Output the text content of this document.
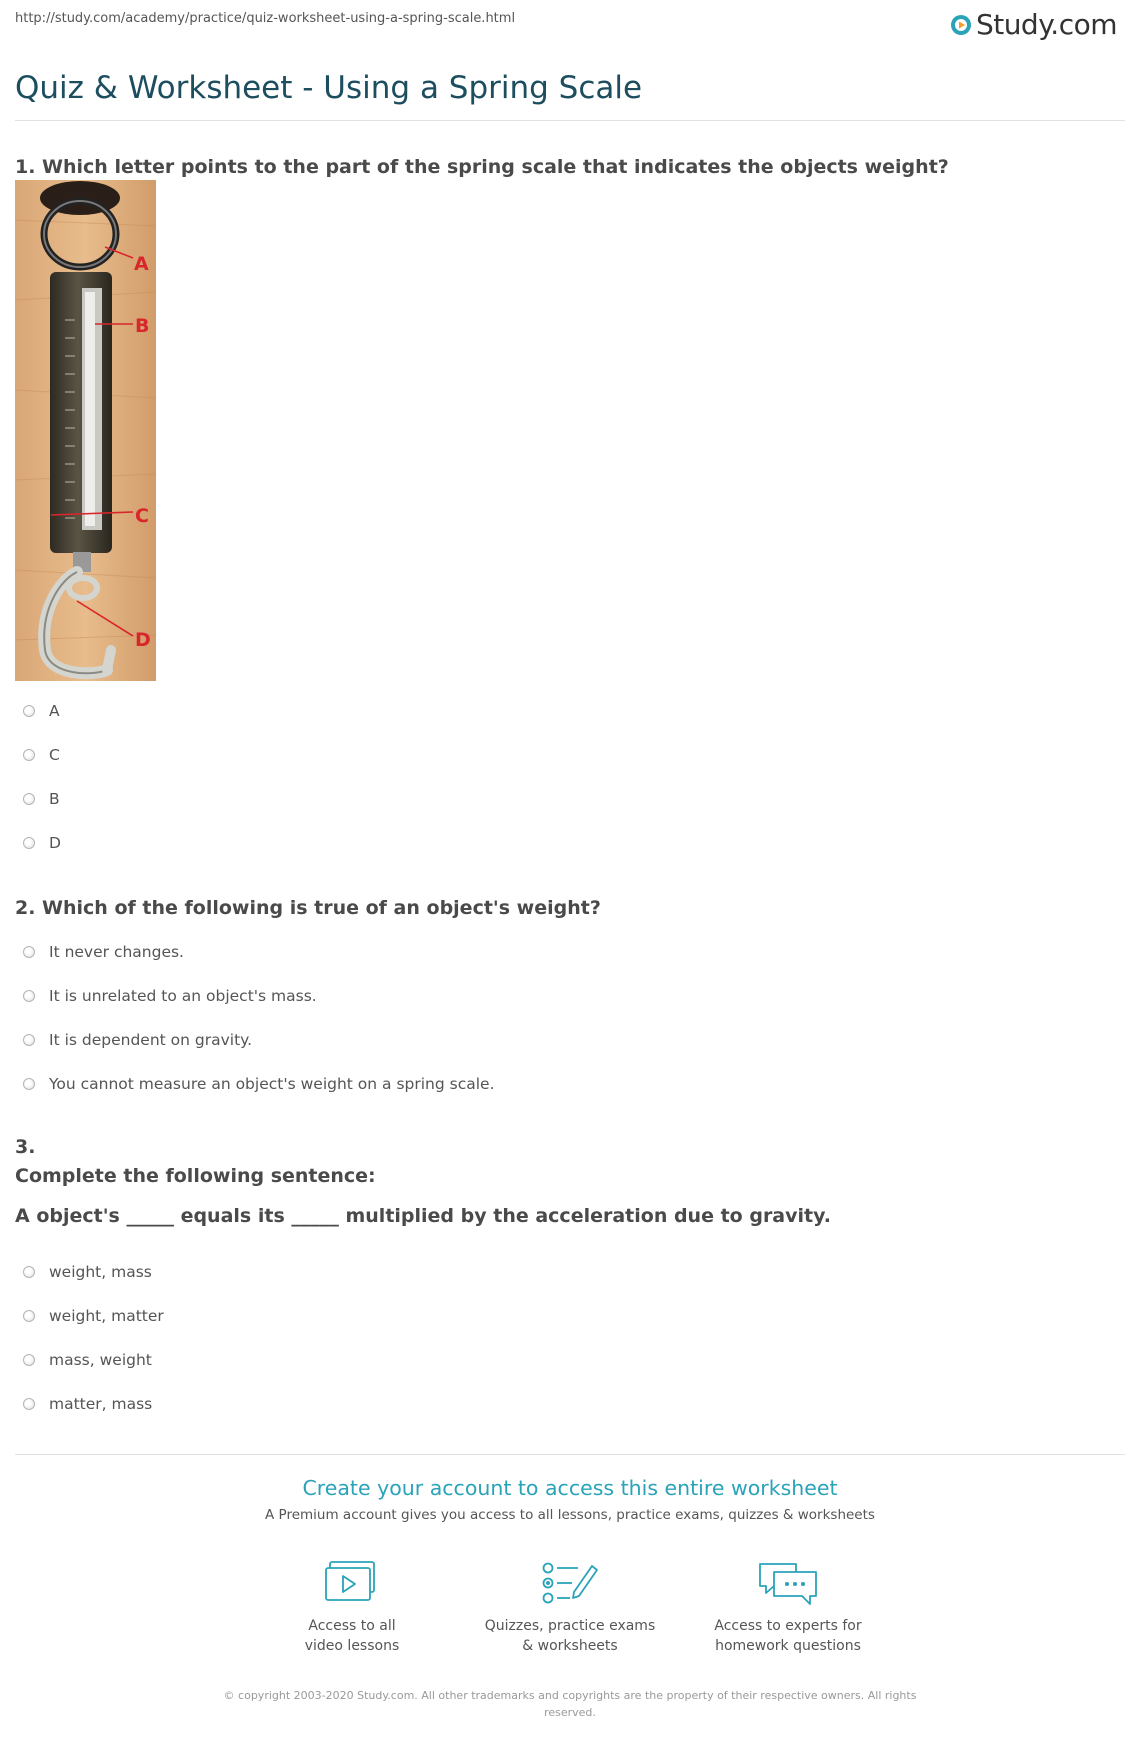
http://study.com/academy/practice/quiz-worksheet-using-a-spring-scale.html	Study.com
Quiz & Worksheet - Using a Spring Scale
1. Which letter points to the part of the spring scale that indicates the objects weight?
A
B
C
D
A
C
B
D
2. Which of the following is true of an object's weight?
It never changes.
It is unrelated to an object's mass.
It is dependent on gravity.
You cannot measure an object's weight on a spring scale.
3.
Complete the following sentence:
A object's _____ equals its _____ multiplied by the acceleration due to gravity.
weight, mass
weight, matter
mass, weight
matter, mass
Create your account to access this entire worksheet
A Premium account gives you access to all lessons, practice exams, quizzes & worksheets
Access to all
video lessons
Quizzes, practice exams
& worksheets
Access to experts for
homework questions
© copyright 2003-2020 Study.com. All other trademarks and copyrights are the property of their respective owners. All rights reserved.
